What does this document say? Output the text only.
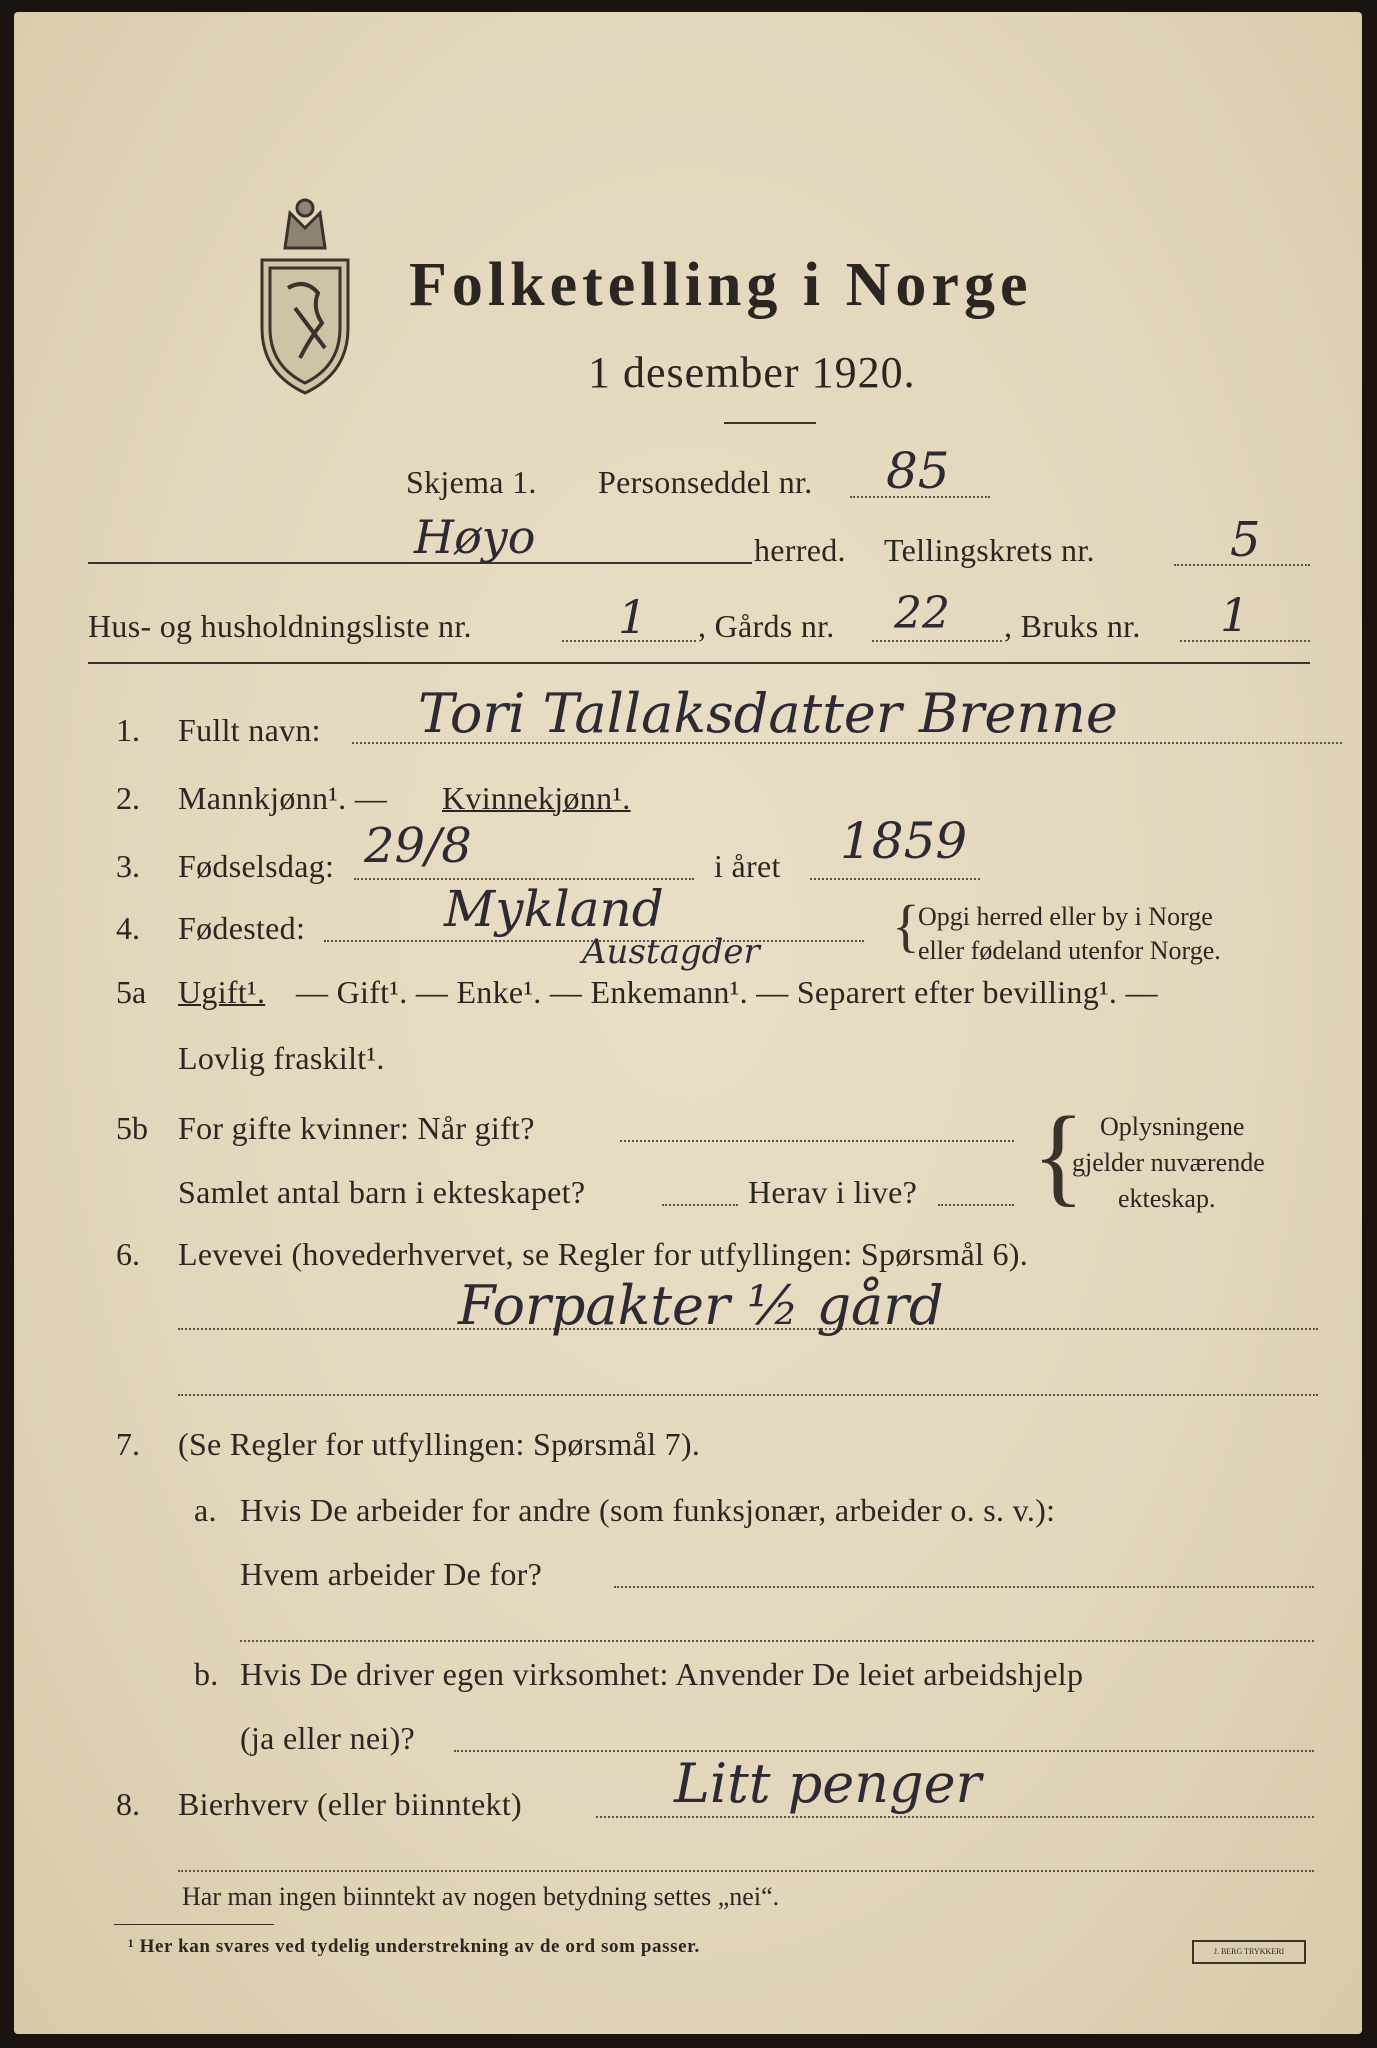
Folketelling i Norge
1 desember 1920.
Skjema 1. Personseddel nr. 85
Høyo	herred. Tellingskrets nr.	5
Hus- og husholdningsliste nr.	1 , Gårds nr. 22 , Bruks nr. 1
1. Fullt navn: Tori Tallaksdatter Brenne
2. Mannkjønn¹. — Kvinnekjønn¹.
3. Fødselsdag: 29/8	i året 1859
4. Fødested:	Mykland
Austagder {
Opgi herred eller by i Norge
eller fødeland utenfor Norge.
5a Ugift¹. — Gift¹. — Enke¹. — Enkemann¹. — Separert efter bevilling¹. —
Lovlig fraskilt¹.
5b For gifte kvinner: Når gift?
Samlet antal barn i ekteskapet?	Herav i live? { Oplysningene
gjelder nuværende
ekteskap.
6. Levevei (hovederhvervet, se Regler for utfyllingen: Spørsmål 6).
Forpakter ½ gård
7. (Se Regler for utfyllingen: Spørsmål 7).
a. Hvis De arbeider for andre (som funksjonær, arbeider o. s. v.):
Hvem arbeider De for?
b. Hvis De driver egen virksomhet: Anvender De leiet arbeidshjelp
(ja eller nei)?
8. Bierhverv (eller biinntekt)	Litt penger
Har man ingen biinntekt av nogen betydning settes „nei“.
¹ Her kan svares ved tydelig understrekning av de ord som passer.	J. BERG TRYKKERI
